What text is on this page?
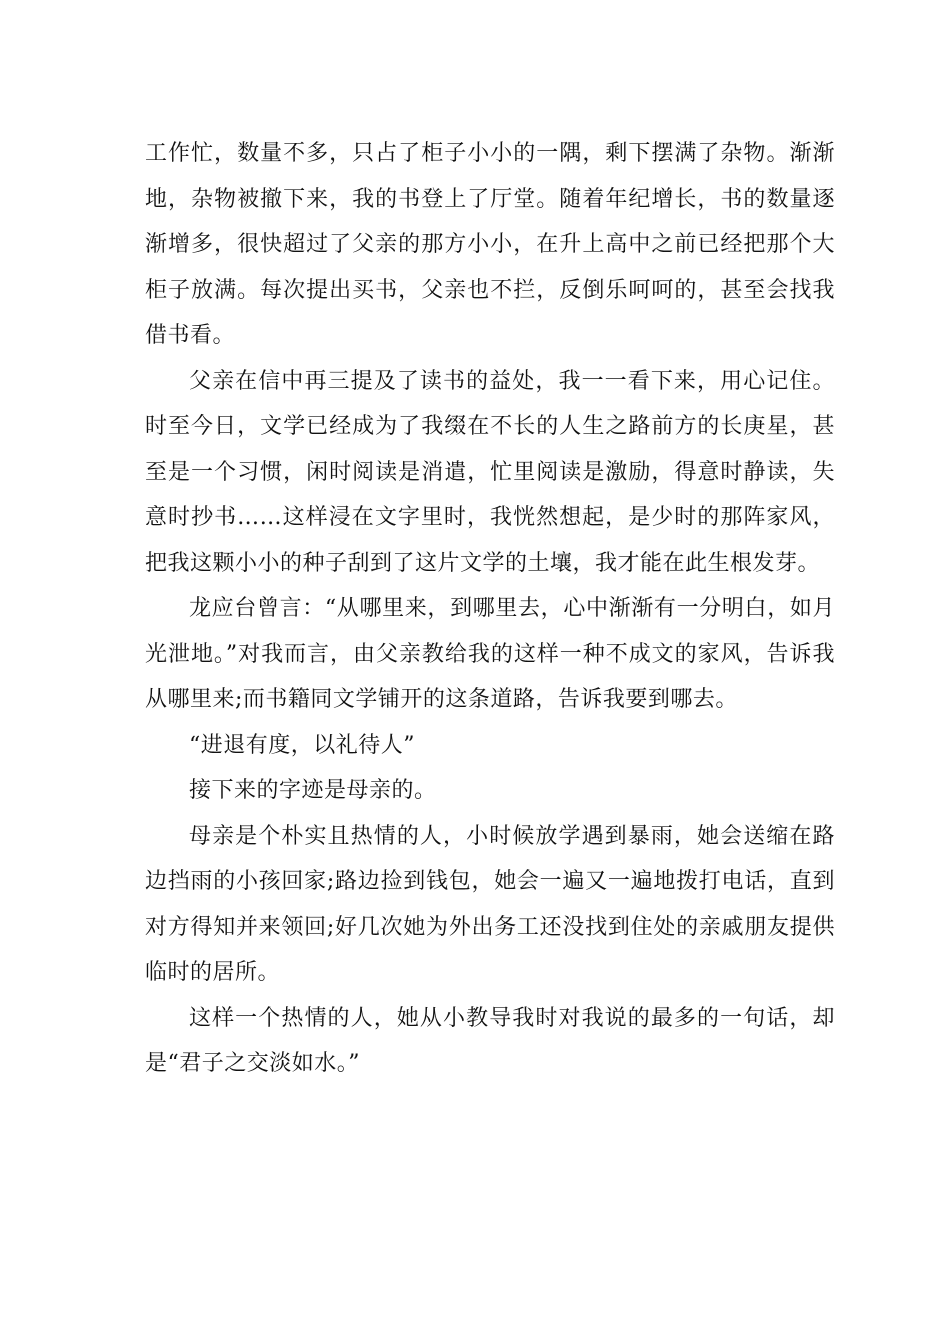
工作忙，数量不多，只占了柜子小小的一隅，剩下摆满了杂物。渐渐地，杂物被撤下来，我的书登上了厅堂。随着年纪增长，书的数量逐渐增多，很快超过了父亲的那方小小，在升上高中之前已经把那个大柜子放满。每次提出买书，父亲也不拦，反倒乐呵呵的，甚至会找我借书看。

父亲在信中再三提及了读书的益处，我一一看下来，用心记住。时至今日，文学已经成为了我缀在不长的人生之路前方的长庚星，甚至是一个习惯，闲时阅读是消遣，忙里阅读是激励，得意时静读，失意时抄书……这样浸在文字里时，我恍然想起，是少时的那阵家风，把我这颗小小的种子刮到了这片文学的土壤，我才能在此生根发芽。

龙应台曾言：“从哪里来，到哪里去，心中渐渐有一分明白，如月光泄地。”对我而言，由父亲教给我的这样一种不成文的家风，告诉我从哪里来;而书籍同文学铺开的这条道路，告诉我要到哪去。

“进退有度，以礼待人”

接下来的字迹是母亲的。

母亲是个朴实且热情的人，小时候放学遇到暴雨，她会送缩在路边挡雨的小孩回家;路边捡到钱包，她会一遍又一遍地拨打电话，直到对方得知并来领回;好几次她为外出务工还没找到住处的亲戚朋友提供临时的居所。

这样一个热情的人，她从小教导我时对我说的最多的一句话，却是“君子之交淡如水。”
